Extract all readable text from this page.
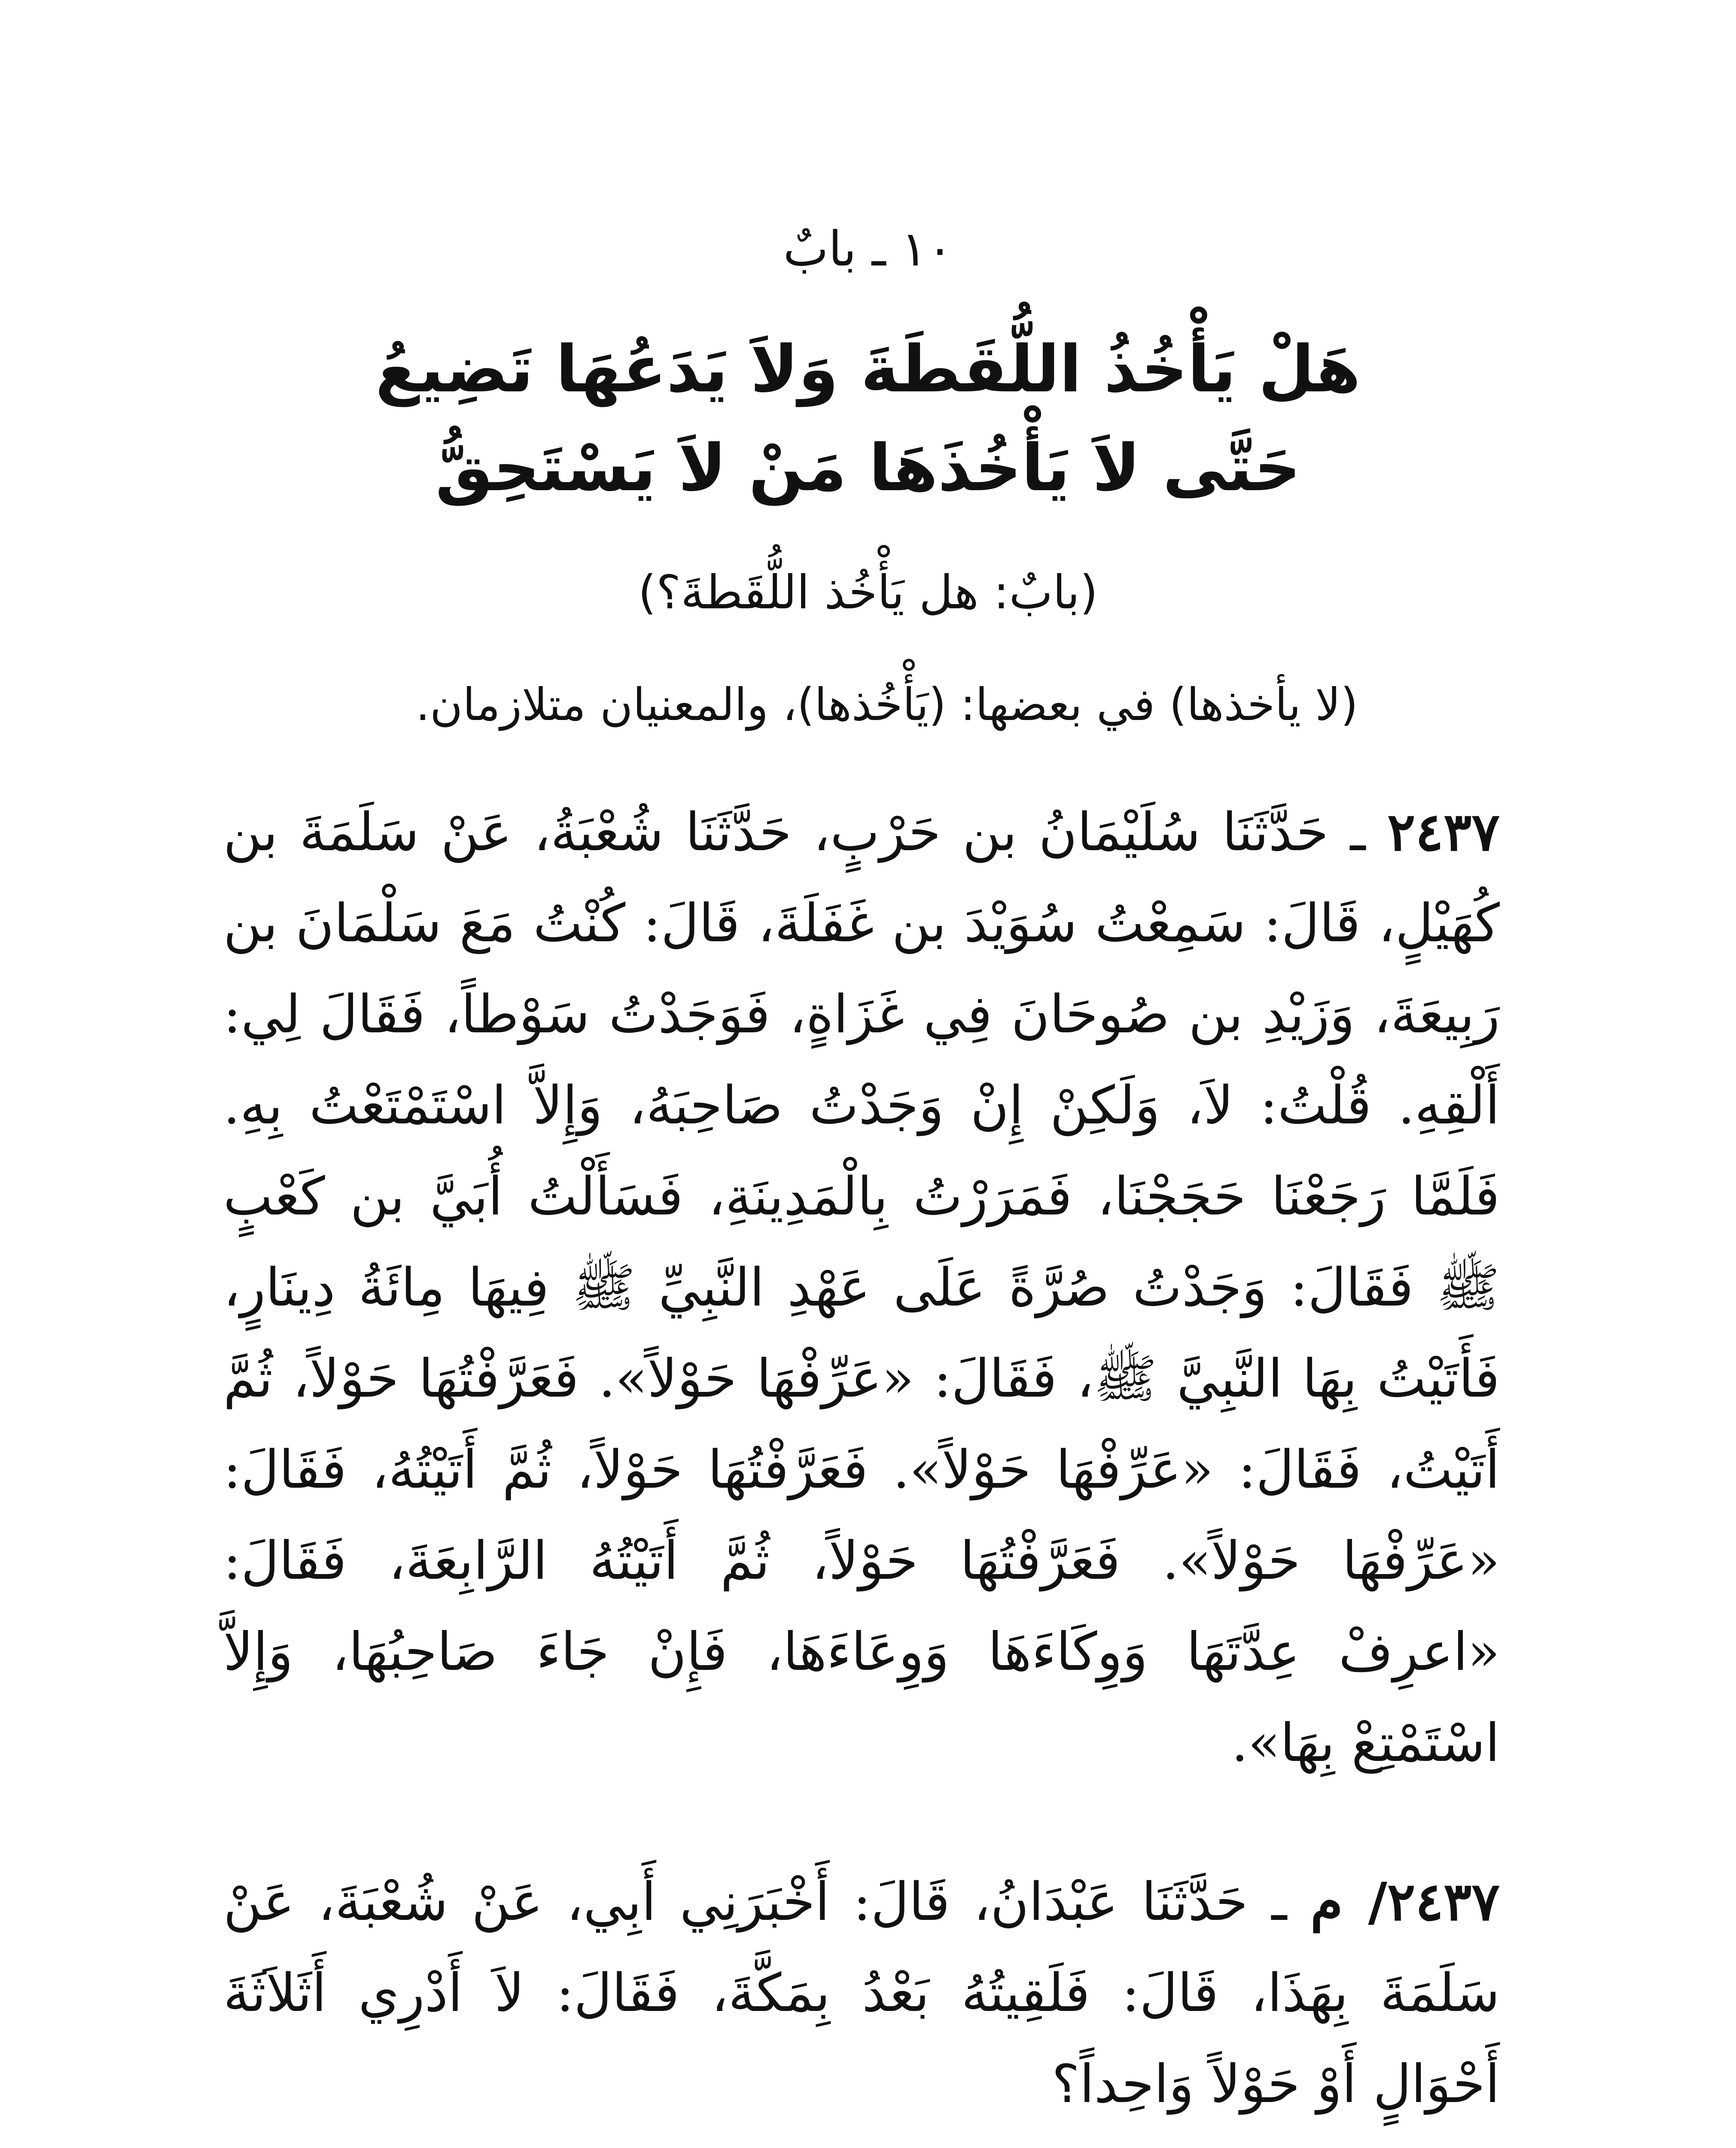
١٠ ـ بابٌ
هَلْ يَأْخُذُ اللُّقَطَةَ وَلاَ يَدَعُهَا تَضِيعُ
حَتَّى لاَ يَأْخُذَهَا مَنْ لاَ يَسْتَحِقُّ
(بابٌ: هل يَأْخُذ اللُّقَطةَ؟)
(لا يأخذها) في بعضها: (يَأْخُذها)، والمعنيان متلازمان.
٢٤٣٧ ـ حَدَّثَنَا سُلَيْمَانُ بن حَرْبٍ، حَدَّثَنَا شُعْبَةُ، عَنْ سَلَمَةَ بن كُهَيْلٍ، قَالَ: سَمِعْتُ سُوَيْدَ بن غَفَلَةَ، قَالَ: كُنْتُ مَعَ سَلْمَانَ بن رَبِيعَةَ، وَزَيْدِ بن صُوحَانَ فِي غَزَاةٍ، فَوَجَدْتُ سَوْطاً، فَقَالَ لِي: أَلْقِهِ. قُلْتُ: لاَ، وَلَكِنْ إِنْ وَجَدْتُ صَاحِبَهُ، وَإِلاَّ اسْتَمْتَعْتُ بِهِ. فَلَمَّا رَجَعْنَا حَجَجْنَا، فَمَرَرْتُ بِالْمَدِينَةِ، فَسَأَلْتُ أُبَيَّ بن كَعْبٍ ﷺ فَقَالَ: وَجَدْتُ صُرَّةً عَلَى عَهْدِ النَّبِيِّ ﷺ فِيهَا مِائَةُ دِينَارٍ، فَأَتَيْتُ بِهَا النَّبِيَّ ﷺ، فَقَالَ: «عَرِّفْهَا حَوْلاً». فَعَرَّفْتُهَا حَوْلاً، ثُمَّ أَتَيْتُ، فَقَالَ: «عَرِّفْهَا حَوْلاً». فَعَرَّفْتُهَا حَوْلاً، ثُمَّ أَتَيْتُهُ، فَقَالَ: «عَرِّفْهَا حَوْلاً». فَعَرَّفْتُهَا حَوْلاً، ثُمَّ أَتَيْتُهُ الرَّابِعَةَ، فَقَالَ: «اعرِفْ عِدَّتَهَا وَوِكَاءَهَا وَوِعَاءَهَا، فَإِنْ جَاءَ صَاحِبُهَا، وَإِلاَّ اسْتَمْتِعْ بِهَا».
٢٤٣٧/ م ـ حَدَّثَنَا عَبْدَانُ، قَالَ: أَخْبَرَنِي أَبِي، عَنْ شُعْبَةَ، عَنْ سَلَمَةَ بِهَذَا، قَالَ: فَلَقِيتُهُ بَعْدُ بِمَكَّةَ، فَقَالَ: لاَ أَدْرِي أَثَلاَثَةَ أَحْوَالٍ أَوْ حَوْلاً وَاحِداً؟
